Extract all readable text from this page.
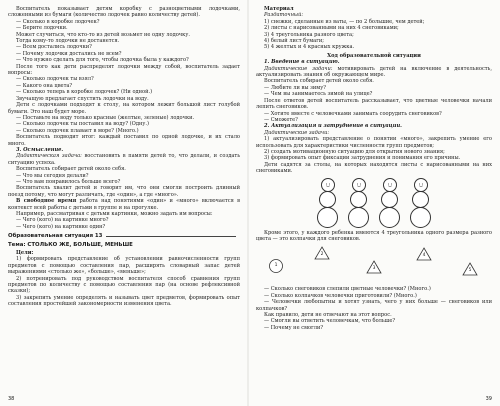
Воспитатель показывает детям коробку с разноцветными лодочками, сложенными из бумаги (количество лодочек равно количеству детей).

— Сколько в коробке лодочек?

— Берите лодочки.

Может случиться, что кто-то из детей возьмет не одну лодочку.

Тогда кому-то лодочки не достанется.

— Всем достались лодочки?

— Почему лодочки достались не всем?

— Что нужно сделать для того, чтобы лодочка была у каждого?

После того как дети распределят лодочки между собой, воспитатель задает вопросы:

— Сколько лодочек ты взял?

— Какого она цвета?

— Сколько теперь в коробке лодочек? (Ни одной.)

Звучащую предлагает спустить лодочки на воду.

Дети с лодочками подходят к столу, на котором лежит большой лист голубой бумаги. Это наш будет море.

— Поставьте на воду только красные (желтые, зеленые) лодочки.

— Сколько лодочек ты поставил на воду? (Одну.)

— Сколько лодочек плавает в море? (Много.)

Воспитатель подводит итог: каждый поставил по одной лодочке, и их стало много.

3. Осмысление.

Дидактическая задача: восстановить в памяти детей то, что делали, и создать ситуацию успеха.

Воспитатель собирает детей около себя.

— Что мы сегодня делали?

— Что вам понравилось больше всего?

Воспитатель хвалит детей и говорит им, что они смогли построить длинный поезд потому, что могут различать, где «один», а где «много».

В свободное время работа над понятиями «один» и «много» включается в контекст всей работы с детьми в группе и на прогулке.

Например, рассматривая с детьми картинки, можно задать им вопросы:

— Чего (кого) на картинке много?

— Чего (кого) на картинке один?

Образовательная ситуация 13

Тема: СТОЛЬКО ЖЕ, БОЛЬШЕ, МЕНЬШЕ

Цели:

1) формировать представление об установлении равночисленности групп предметов с помощью составления пар, расширять словарный запас детей выражениями «столько же», «больше», «меньше»;

2) потренировать под руководством воспитателя способ сравнения групп предметов по количеству с помощью составления пар (на основе рефлексивной сказки);

3) закрепить умение определять и называть цвет предметов, формировать опыт составления простейшей закономерности изменения цвета.

38

Материал

Раздаточный:

1) снежки, сделанные из ваты, — по 2 большие, чем детей;

2) листы с нарисованными на них 4 снеговиками;

3) 4 треугольника разного цвета;

4) белый лист бумаги;

5) 4 желтых и 4 красных кружка.

Ход образовательной ситуации

1. Введение в ситуацию.

Дидактические задачи: мотивировать детей на включение в деятельность, актуализировать знания об окружающем мире.

Воспитатель собирает детей около себя.

— Любите ли вы зиму?

— Чем вы занимаетесь зимой на улице?

После ответов детей воспитатель рассказывает, что цветные человечки начали лепить снеговиков.

— Хотите вместе с человечками занимать соорудить снеговиков?

— Сможете?

2. Актуализация и затруднение в ситуации.

Дидактические задачи:

1) актуализировать представление о понятии «много», закрепить умение его использовать для характеристики численности групп предметов;

2) создать мотивационную ситуацию для открытия нового знания;

3) формировать опыт фиксации затруднения и понимания его причины.

Дети садятся за столы, на которых находятся листы с нарисованными на них снеговиками.

Кроме этого, у каждого ребенка имеются 4 треугольника одного размера разного цвета — это колпачки для снеговиков.

1
2
3
4
5

— Сколько снеговиков слепили цветные человечки? (Много.)

— Сколько колпачков человечки приготовили? (Много.)

— Человечки любопытны и хотят узнать, чего у них больше — снеговиков или колпачков?

Как правило, дети не отвечают на этот вопрос.

— Смогли вы ответить человечкам, что больше?

— Почему не смогли?

39
